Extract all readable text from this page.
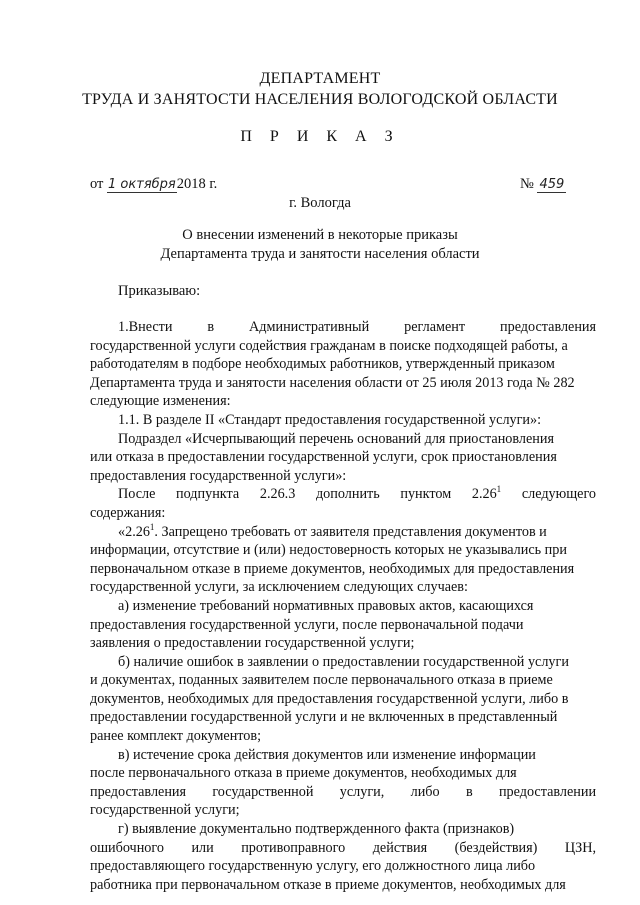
ДЕПАРТАМЕНТ
ТРУДА И ЗАНЯТОСТИ НАСЕЛЕНИЯ ВОЛОГОДСКОЙ ОБЛАСТИ
П Р И К А З
от 1 октября2018 г.	№ 459
г. Вологда
О внесении изменений в некоторые приказы
Департамента труда и занятости населения области
Приказываю:
1.Внести в Административный регламент предоставления
государственной услуги содействия гражданам в поиске подходящей работы, а
работодателям в подборе необходимых работников, утвержденный приказом
Департамента труда и занятости населения области от 25 июля 2013 года № 282
следующие изменения:
1.1. В разделе II «Стандарт предоставления государственной услуги»:
Подраздел «Исчерпывающий перечень оснований для приостановления
или отказа в предоставлении государственной услуги, срок приостановления
предоставления государственной услуги»:
После подпункта 2.26.3 дополнить пунктом 2.26$^1$ следующего
содержания:
«2.26$^1$. Запрещено требовать от заявителя представления документов и
информации, отсутствие и (или) недостоверность которых не указывались при
первоначальном отказе в приеме документов, необходимых для предоставления
государственной услуги, за исключением следующих случаев:
а) изменение требований нормативных правовых актов, касающихся
предоставления государственной услуги, после первоначальной подачи
заявления о предоставлении государственной услуги;
б) наличие ошибок в заявлении о предоставлении государственной услуги
и документах, поданных заявителем после первоначального отказа в приеме
документов, необходимых для предоставления государственной услуги, либо в
предоставлении государственной услуги и не включенных в представленный
ранее комплект документов;
в) истечение срока действия документов или изменение информации
после первоначального отказа в приеме документов, необходимых для
предоставления государственной услуги, либо в предоставлении
государственной услуги;
г) выявление документально подтвержденного факта (признаков)
ошибочного или противоправного действия (бездействия) ЦЗН,
предоставляющего государственную услугу, его должностного лица либо
работника при первоначальном отказе в приеме документов, необходимых для
